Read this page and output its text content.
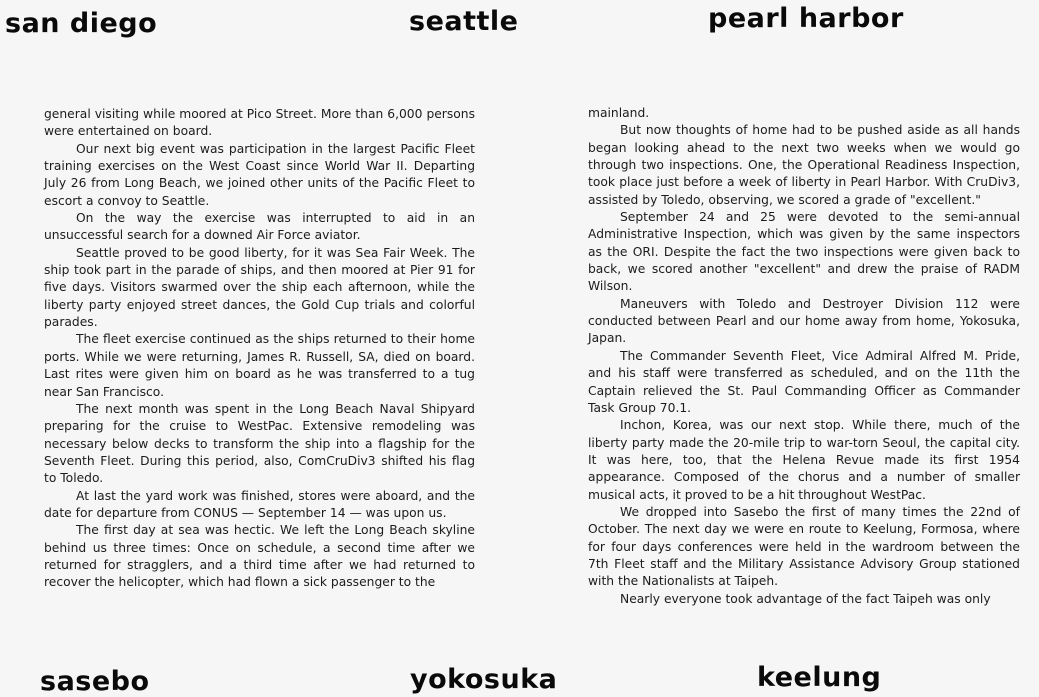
san diego	seattle	pearl harbor

general visiting while moored at Pico Street. More than 6,000 persons were entertained on board.

Our next big event was participation in the largest Pacific Fleet training exercises on the West Coast since World War II. Departing July 26 from Long Beach, we joined other units of the Pacific Fleet to escort a convoy to Seattle.

On the way the exercise was interrupted to aid in an unsuccessful search for a downed Air Force aviator.

Seattle proved to be good liberty, for it was Sea Fair Week. The ship took part in the parade of ships, and then moored at Pier 91 for five days. Visitors swarmed over the ship each afternoon, while the liberty party enjoyed street dances, the Gold Cup trials and colorful parades.

The fleet exercise continued as the ships returned to their home ports. While we were returning, James R. Russell, SA, died on board. Last rites were given him on board as he was transferred to a tug near San Francisco.

The next month was spent in the Long Beach Naval Shipyard preparing for the cruise to WestPac. Extensive remodeling was necessary below decks to transform the ship into a flagship for the Seventh Fleet. During this period, also, ComCruDiv3 shifted his flag to Toledo.

At last the yard work was finished, stores were aboard, and the date for departure from CONUS — September 14 — was upon us.

The first day at sea was hectic. We left the Long Beach skyline behind us three times: Once on schedule, a second time after we returned for stragglers, and a third time after we had returned to recover the helicopter, which had flown a sick passenger to the

mainland.

But now thoughts of home had to be pushed aside as all hands began looking ahead to the next two weeks when we would go through two inspections. One, the Operational Readiness Inspection, took place just before a week of liberty in Pearl Harbor. With CruDiv3, assisted by Toledo, observing, we scored a grade of "excellent."

September 24 and 25 were devoted to the semi-annual Administrative Inspection, which was given by the same inspectors as the ORI. Despite the fact the two inspections were given back to back, we scored another "excellent" and drew the praise of RADM Wilson.

Maneuvers with Toledo and Destroyer Division 112 were conducted between Pearl and our home away from home, Yokosuka, Japan.

The Commander Seventh Fleet, Vice Admiral Alfred M. Pride, and his staff were transferred as scheduled, and on the 11th the Captain relieved the St. Paul Commanding Officer as Commander Task Group 70.1.

Inchon, Korea, was our next stop. While there, much of the liberty party made the 20-mile trip to war-torn Seoul, the capital city. It was here, too, that the Helena Revue made its first 1954 appearance. Composed of the chorus and a number of smaller musical acts, it proved to be a hit throughout WestPac.

We dropped into Sasebo the first of many times the 22nd of October. The next day we were en route to Keelung, Formosa, where for four days conferences were held in the wardroom between the 7th Fleet staff and the Military Assistance Advisory Group stationed with the Nationalists at Taipeh.

Nearly everyone took advantage of the fact Taipeh was only

sasebo	yokosuka	keelung
